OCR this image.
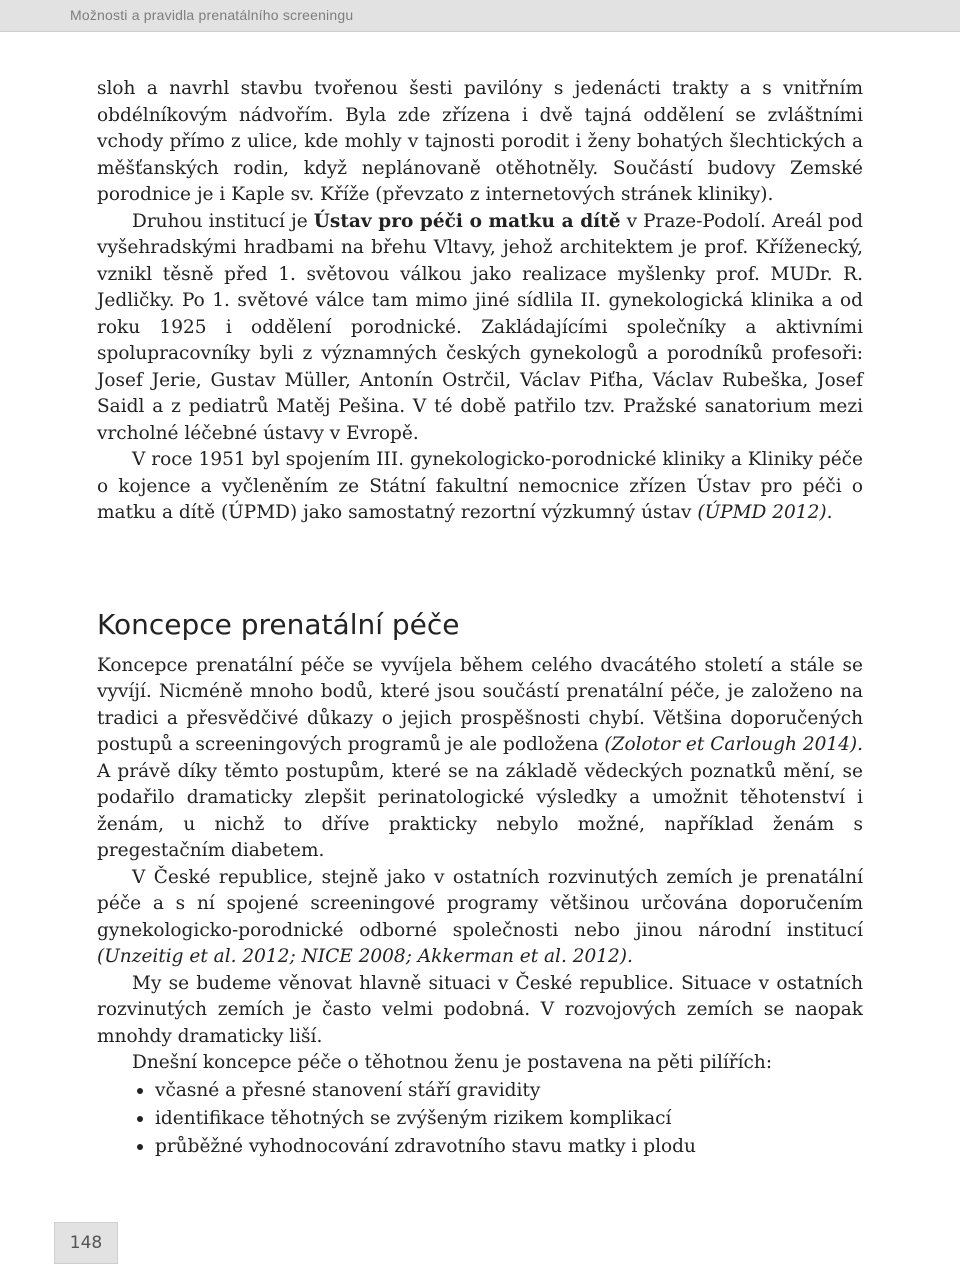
Možnosti a pravidla prenatálního screeningu

sloh a navrhl stavbu tvořenou šesti pavilóny s jedenácti trakty a s vnitřním obdélníkovým nádvořím. Byla zde zřízena i dvě tajná oddělení se zvláštními vchody přímo z ulice, kde mohly v tajnosti porodit i ženy bohatých šlechtických a měšťanských rodin, když neplánovaně otěhotněly. Součástí budovy Zemské porodnice je i Kaple sv. Kříže (převzato z internetových stránek kliniky).

Druhou institucí je Ústav pro péči o matku a dítě v Praze-Podolí. Areál pod vyšehradskými hradbami na břehu Vltavy, jehož architektem je prof. Kříženecký, vznikl těsně před 1. světovou válkou jako realizace myšlenky prof. MUDr. R. Jedličky. Po 1. světové válce tam mimo jiné sídlila II. gynekologická klinika a od roku 1925 i oddělení porodnické. Zakládajícími společníky a aktivními spolupracovníky byli z významných českých gynekologů a porodníků profesoři: Josef Jerie, Gustav Müller, Antonín Ostrčil, Václav Piťha, Václav Rubeška, Josef Saidl a z pediatrů Matěj Pešina. V té době patřilo tzv. Pražské sanatorium mezi vrcholné léčebné ústavy v Evropě.

V roce 1951 byl spojením III. gynekologicko-porodnické kliniky a Kliniky péče o kojence a vyčleněním ze Státní fakultní nemocnice zřízen Ústav pro péči o matku a dítě (ÚPMD) jako samostatný rezortní výzkumný ústav (ÚPMD 2012).

Koncepce prenatální péče

Koncepce prenatální péče se vyvíjela během celého dvacátého století a stále se vyvíjí. Nicméně mnoho bodů, které jsou součástí prenatální péče, je založeno na tradici a přesvědčivé důkazy o jejich prospěšnosti chybí. Většina doporučených postupů a screeningových programů je ale podložena (Zolotor et Carlough 2014). A právě díky těmto postupům, které se na základě vědeckých poznatků mění, se podařilo dramaticky zlepšit perinatologické výsledky a umožnit těhotenství i ženám, u nichž to dříve prakticky nebylo možné, například ženám s pregestačním diabetem.

V České republice, stejně jako v ostatních rozvinutých zemích je prenatální péče a s ní spojené screeningové programy většinou určována doporučením gynekologicko-porodnické odborné společnosti nebo jinou národní institucí (Unzeitig et al. 2012; NICE 2008; Akkerman et al. 2012).

My se budeme věnovat hlavně situaci v České republice. Situace v ostatních rozvinutých zemích je často velmi podobná. V rozvojových zemích se naopak mnohdy dramaticky liší.

Dnešní koncepce péče o těhotnou ženu je postavena na pěti pilířích:

včasné a přesné stanovení stáří gravidity
identifikace těhotných se zvýšeným rizikem komplikací
průběžné vyhodnocování zdravotního stavu matky i plodu
148
